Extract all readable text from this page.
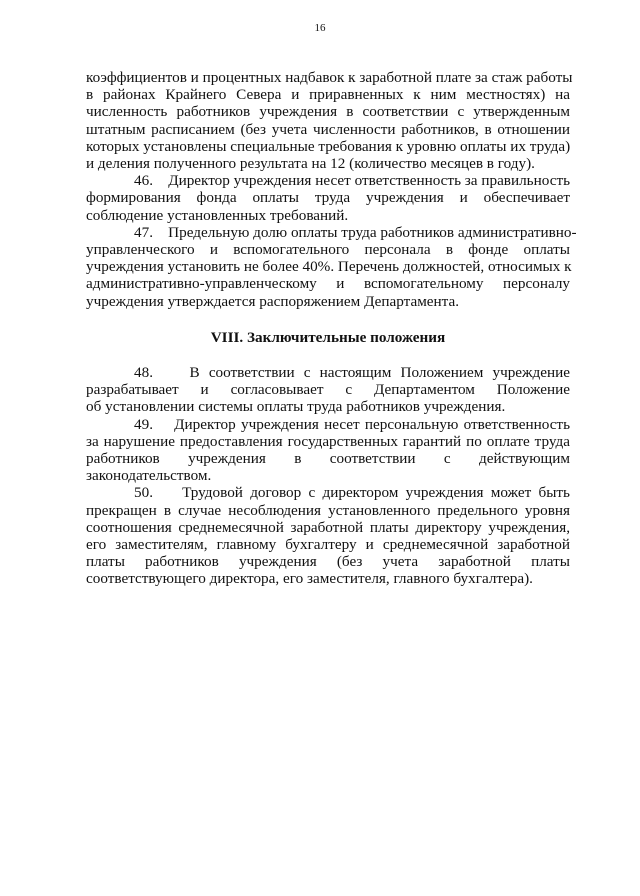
16

коэффициентов и процентных надбавок к заработной плате за стаж работы
в районах Крайнего Севера и приравненных к ним местностях) на
численность работников учреждения в соответствии с утвержденным
штатным расписанием (без учета численности работников, в отношении
которых установлены специальные требования к уровню оплаты их труда)
и деления полученного результата на 12 (количество месяцев в году).

46. Директор учреждения несет ответственность за правильность
формирования фонда оплаты труда учреждения и обеспечивает
соблюдение установленных требований.

47. Предельную долю оплаты труда работников административно-
управленческого и вспомогательного персонала в фонде оплаты
учреждения установить не более 40%. Перечень должностей, относимых к
административно-управленческому и вспомогательному персоналу
учреждения утверждается распоряжением Департамента.

VIII. Заключительные положения

48. В соответствии с настоящим Положением учреждение
разрабатывает и согласовывает с Департаментом Положение
об установлении системы оплаты труда работников учреждения.

49. Директор учреждения несет персональную ответственность
за нарушение предоставления государственных гарантий по оплате труда
работников учреждения в соответствии с действующим
законодательством.

50. Трудовой договор с директором учреждения может быть
прекращен в случае несоблюдения установленного предельного уровня
соотношения среднемесячной заработной платы директору учреждения,
его заместителям, главному бухгалтеру и среднемесячной заработной
платы работников учреждения (без учета заработной платы
соответствующего директора, его заместителя, главного бухгалтера).
